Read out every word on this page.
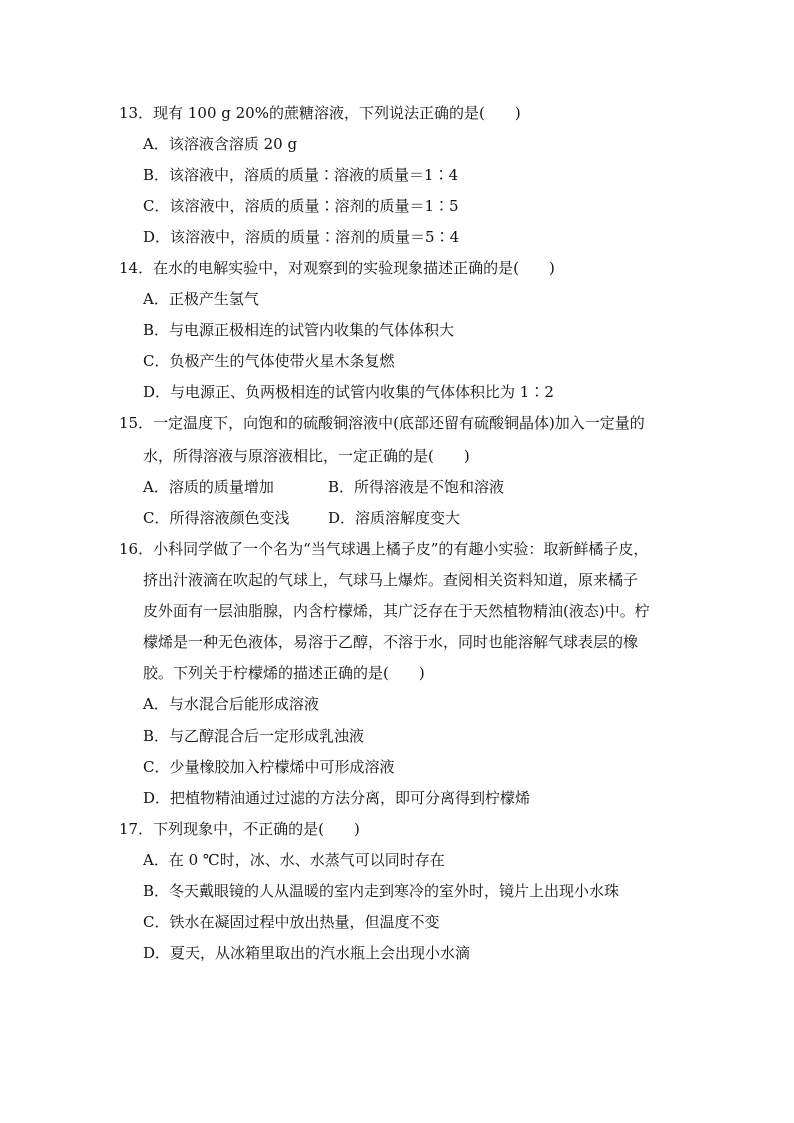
13．现有 100 g 20%的蔗糖溶液，下列说法正确的是(　　)
A．该溶液含溶质 20 g
B．该溶液中，溶质的质量∶溶液的质量＝1∶4
C．该溶液中，溶质的质量∶溶剂的质量＝1∶5
D．该溶液中，溶质的质量∶溶剂的质量＝5∶4
14．在水的电解实验中，对观察到的实验现象描述正确的是(　　)
A．正极产生氢气
B．与电源正极相连的试管内收集的气体体积大
C．负极产生的气体使带火星木条复燃
D．与电源正、负两极相连的试管内收集的气体体积比为 1∶2
15．一定温度下，向饱和的硫酸铜溶液中(底部还留有硫酸铜晶体)加入一定量的
水，所得溶液与原溶液相比，一定正确的是(　　)
A．溶质的质量增加	B．所得溶液是不饱和溶液
C．所得溶液颜色变浅	D．溶质溶解度变大
16．小科同学做了一个名为“当气球遇上橘子皮”的有趣小实验：取新鲜橘子皮，
挤出汁液滴在吹起的气球上，气球马上爆炸。查阅相关资料知道，原来橘子
皮外面有一层油脂腺，内含柠檬烯，其广泛存在于天然植物精油(液态)中。柠
檬烯是一种无色液体，易溶于乙醇，不溶于水，同时也能溶解气球表层的橡
胶。下列关于柠檬烯的描述正确的是(　　)
A．与水混合后能形成溶液
B．与乙醇混合后一定形成乳浊液
C．少量橡胶加入柠檬烯中可形成溶液
D．把植物精油通过过滤的方法分离，即可分离得到柠檬烯
17．下列现象中，不正确的是(　　)
A．在 0 ℃时，冰、水、水蒸气可以同时存在
B．冬天戴眼镜的人从温暖的室内走到寒冷的室外时，镜片上出现小水珠
C．铁水在凝固过程中放出热量，但温度不变
D．夏天，从冰箱里取出的汽水瓶上会出现小水滴
